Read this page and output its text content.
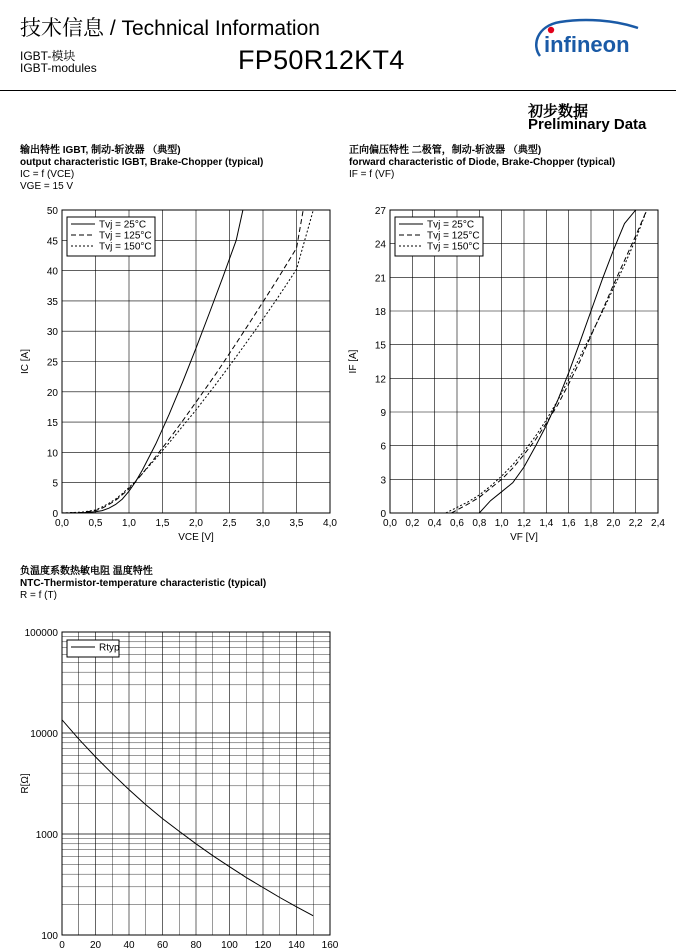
技术信息 / Technical Information
IGBT-模块
IGBT-modules	FP50R12KT4
infineon
初步数据
Preliminary Data
输出特性 IGBT, 制动-斩波器 （典型)
output characteristic IGBT, Brake-Chopper (typical)
IC = f (VCE)
VGE = 15 V
正向偏压特性 二极管，制动-斩波器 （典型)
forward characteristic of Diode, Brake-Chopper (typical)
IF = f (VF)
负温度系数热敏电阻 温度特性
NTC-Thermistor-temperature characteristic (typical)
R = f (T)
0,0 0,5 1,0 1,5 2,0 2,5 3,0 3,5 4,0
0
5
10
15
20
25
30
35
40
45
50
VCE [V]
IC [A]
Tvj = 25°C
Tvj = 125°C
Tvj = 150°C
0,0 0,2 0,4 0,6 0,8 1,0 1,2 1,4 1,6 1,8 2,0 2,2 2,4
0
3
6
9
12
15
18
21
24
27
VF [V]
IF [A]
Tvj = 25°C
Tvj = 125°C
Tvj = 150°C
0	20 40 60 80 100 120 140 160
100
1000
10000
100000
R[Ω]
Rtyp
